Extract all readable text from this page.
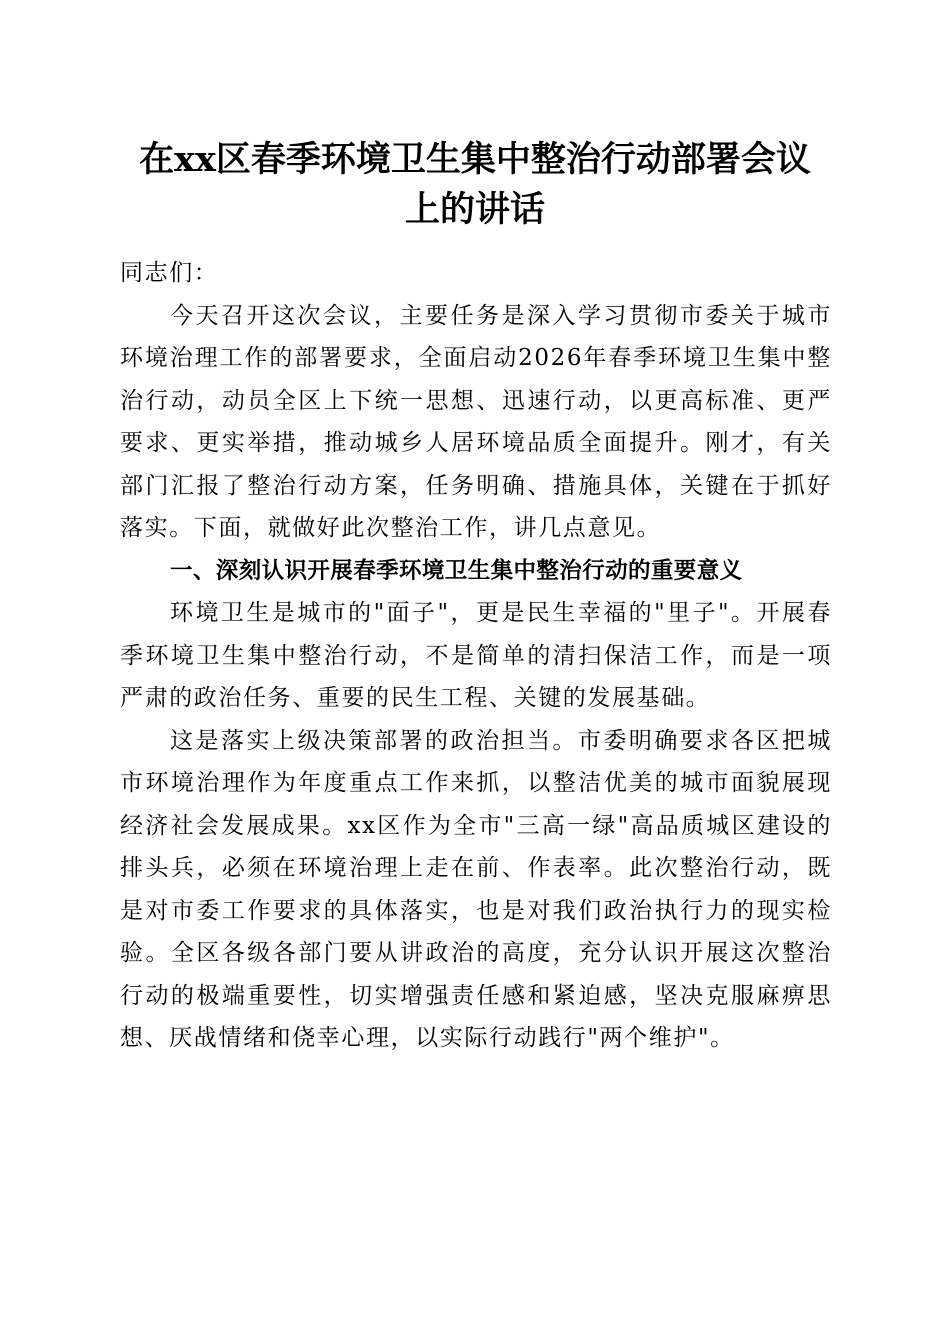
在xx区春季环境卫生集中整治行动部署会议
上的讲话

同志们：

今天召开这次会议，主要任务是深入学习贯彻市委关于城市环境治理工作的部署要求，全面启动2026年春季环境卫生集中整治行动，动员全区上下统一思想、迅速行动，以更高标准、更严要求、更实举措，推动城乡人居环境品质全面提升。刚才，有关部门汇报了整治行动方案，任务明确、措施具体，关键在于抓好落实。下面，就做好此次整治工作，讲几点意见。

一、深刻认识开展春季环境卫生集中整治行动的重要意义

环境卫生是城市的"面子"，更是民生幸福的"里子"。开展春季环境卫生集中整治行动，不是简单的清扫保洁工作，而是一项严肃的政治任务、重要的民生工程、关键的发展基础。

这是落实上级决策部署的政治担当。市委明确要求各区把城市环境治理作为年度重点工作来抓，以整洁优美的城市面貌展现经济社会发展成果。xx区作为全市"三高一绿"高品质城区建设的排头兵，必须在环境治理上走在前、作表率。此次整治行动，既是对市委工作要求的具体落实，也是对我们政治执行力的现实检验。全区各级各部门要从讲政治的高度，充分认识开展这次整治行动的极端重要性，切实增强责任感和紧迫感，坚决克服麻痹思想、厌战情绪和侥幸心理，以实际行动践行"两个维护"。
